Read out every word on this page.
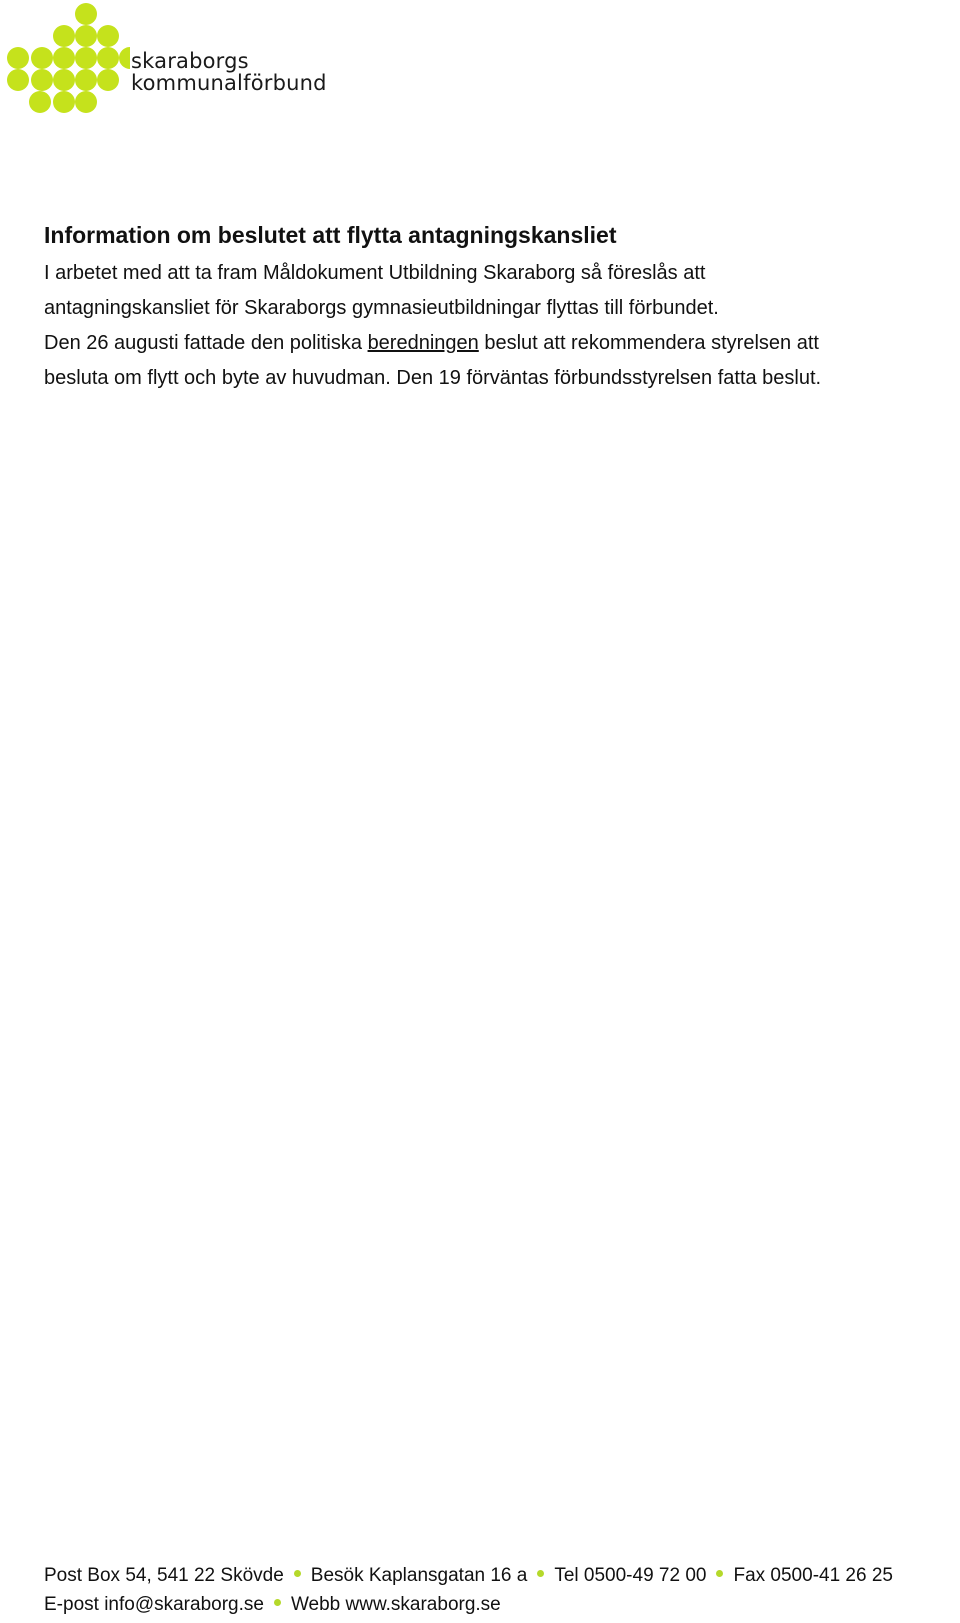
skaraborgs
kommunalförbund
Information om beslutet att flytta antagningskansliet

I arbetet med att ta fram Måldokument Utbildning Skaraborg så föreslås att
antagningskansliet för Skaraborgs gymnasieutbildningar flyttas till förbundet.
Den 26 augusti fattade den politiska beredningen beslut att rekommendera styrelsen att
besluta om flytt och byte av huvudman. Den 19 förväntas förbundsstyrelsen fatta beslut.

Post Box 54, 541 22 Skövde Besök Kaplansgatan 16 a Tel 0500-49 72 00 Fax 0500-41 26 25
E-post info@skaraborg.se Webb www.skaraborg.se
